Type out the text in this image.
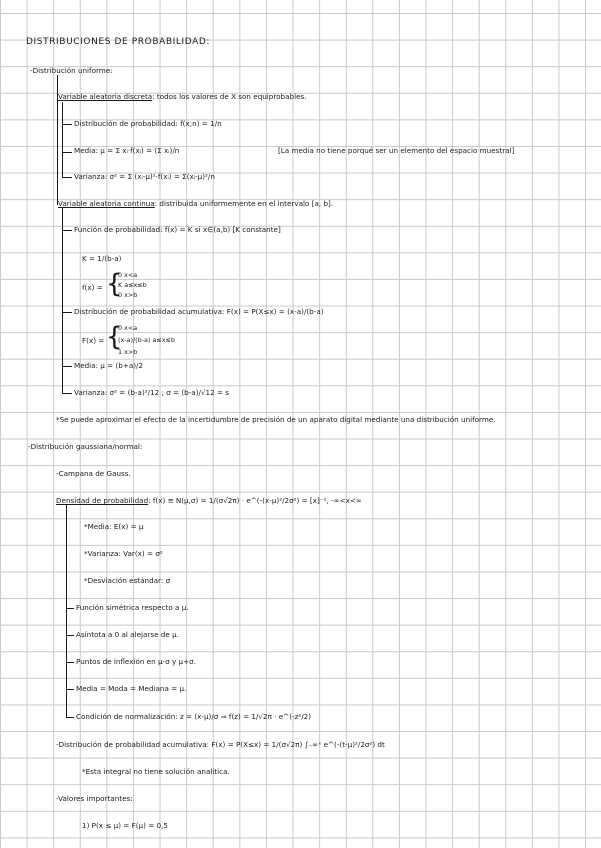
DISTRIBUCIONES DE PROBABILIDAD:
-Distribución uniforme:
Variable aleatoria discreta: todos los valores de X son equiprobables.
Distribución de probabilidad: f(x;n) = 1/n
Media: μ = Σ xᵢ·f(xᵢ) = (Σ xᵢ)/n	[La media no tiene porqué ser un elemento del espacio muestral]
Varianza: σ² = Σ (xᵢ-μ)²·f(xᵢ) = Σ(xᵢ-μ)²/n
Variable aleatoria continua: distribuida uniformemente en el intervalo [a, b].
Función de probabilidad: f(x) = K si x∈(a,b) [K constante]
K = 1/(b-a)
f(x) = {
0 x<a
K a≤x≤b
0 x>b
Distribución de probabilidad acumulativa: F(x) = P(X≤x) = (x-a)/(b-a)
F(x) = {
0 x<a
(x-a)/(b-a) a≤x≤b
1 x>b
Media: μ = (b+a)/2
Varianza: σ² = (b-a)²/12 ; σ = (b-a)/√12 = s
*Se puede aproximar el efecto de la incertidumbre de precisión de un aparato digital mediante una distribución uniforme.
-Distribución gaussiana/normal:
-Campana de Gauss.
Densidad de probabilidad: f(x) ≡ N(μ,σ) = 1/(σ√2π) · e^(-(x-μ)²/2σ²) = [x]⁻¹, -∞<x<∞
*Media: E(x) = μ
*Varianza: Var(x) = σ²
*Desviación estándar: σ
Función simétrica respecto a μ.
Asíntota a 0 al alejarse de μ.
Puntos de inflexión en μ-σ y μ+σ.
Media = Moda = Mediana = μ.
Condición de normalización: z = (x-μ)/σ ⇒ f(z) = 1/√2π · e^(-z²/2)
-Distribución de probabilidad acumulativa: F(x) = P(X≤x) = 1/(σ√2π) ∫₋∞ˣ e^(-(t-μ)²/2σ²) dt
*Esta integral no tiene solución analítica.
-Valores importantes:
1) P(x ≤ μ) = F(μ) = 0,5
